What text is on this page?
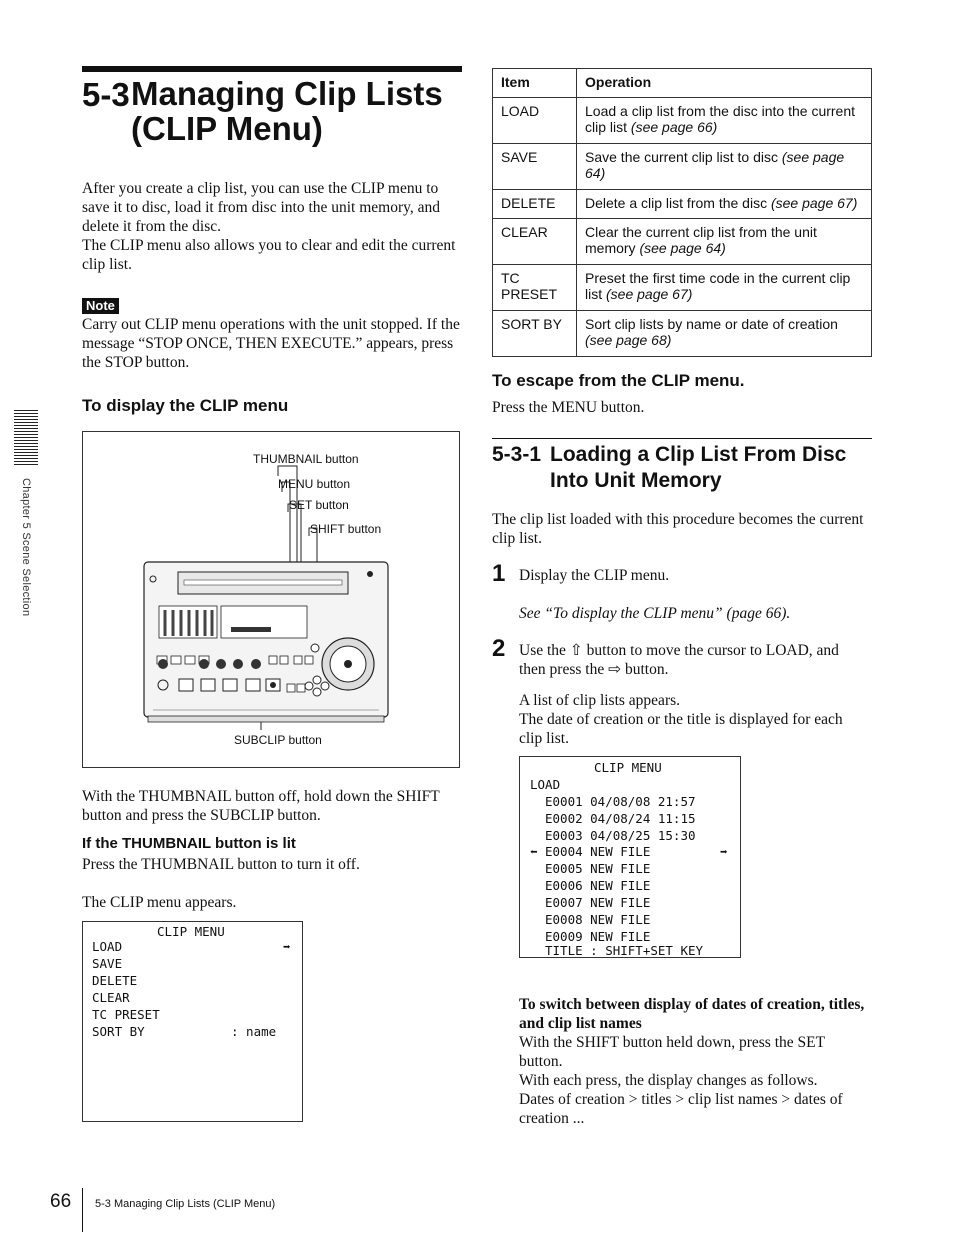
Chapter 5 Scene Selection
5-3 Managing Clip Lists (CLIP Menu)
After you create a clip list, you can use the CLIP menu to save it to disc, load it from disc into the unit memory, and delete it from the disc.
The CLIP menu also allows you to clear and edit the current clip list.
Note
Carry out CLIP menu operations with the unit stopped. If the message “STOP ONCE, THEN EXECUTE.” appears, press the STOP button.
To display the CLIP menu
THUMBNAIL button
MENU button
SET button
SHIFT button
SUBCLIP button
With the THUMBNAIL button off, hold down the SHIFT button and press the SUBCLIP button.
If the THUMBNAIL button is lit
Press the THUMBNAIL button to turn it off.
The CLIP menu appears.
CLIP MENU
LOAD	➡
SAVE
DELETE
CLEAR
TC PRESET
SORT BY	: name
Item	Operation
LOAD	Load a clip list from the disc into the current clip list (see page 66)
SAVE	Save the current clip list to disc (see page 64)
DELETE	Delete a clip list from the disc (see page 67)
CLEAR	Clear the current clip list from the unit memory (see page 64)
TC PRESET	Preset the first time code in the current clip list (see page 67)
SORT BY	Sort clip lists by name or date of creation (see page 68)
To escape from the CLIP menu.
Press the MENU button.
5-3-1 Loading a Clip List From Disc Into Unit Memory
The clip list loaded with this procedure becomes the current clip list.
1 Display the CLIP menu.
See “To display the CLIP menu” (page 66).
2 Use the ⇧ button to move the cursor to LOAD, and then press the ⇨ button.
A list of clip lists appears.
The date of creation or the title is displayed for each clip list.
CLIP MENU
LOAD
E0001 04/08/08 21:57
E0002 04/08/24 11:15
E0003 04/08/25 15:30
⬅ E0004 NEW FILE	➡
E0005 NEW FILE
E0006 NEW FILE
E0007 NEW FILE
E0008 NEW FILE
E0009 NEW FILE
TITLE : SHIFT+SET KEY
To switch between display of dates of creation, titles, and clip list names
With the SHIFT button held down, press the SET button.
With each press, the display changes as follows.
Dates of creation > titles > clip list names > dates of creation ...
66 5-3 Managing Clip Lists (CLIP Menu)
